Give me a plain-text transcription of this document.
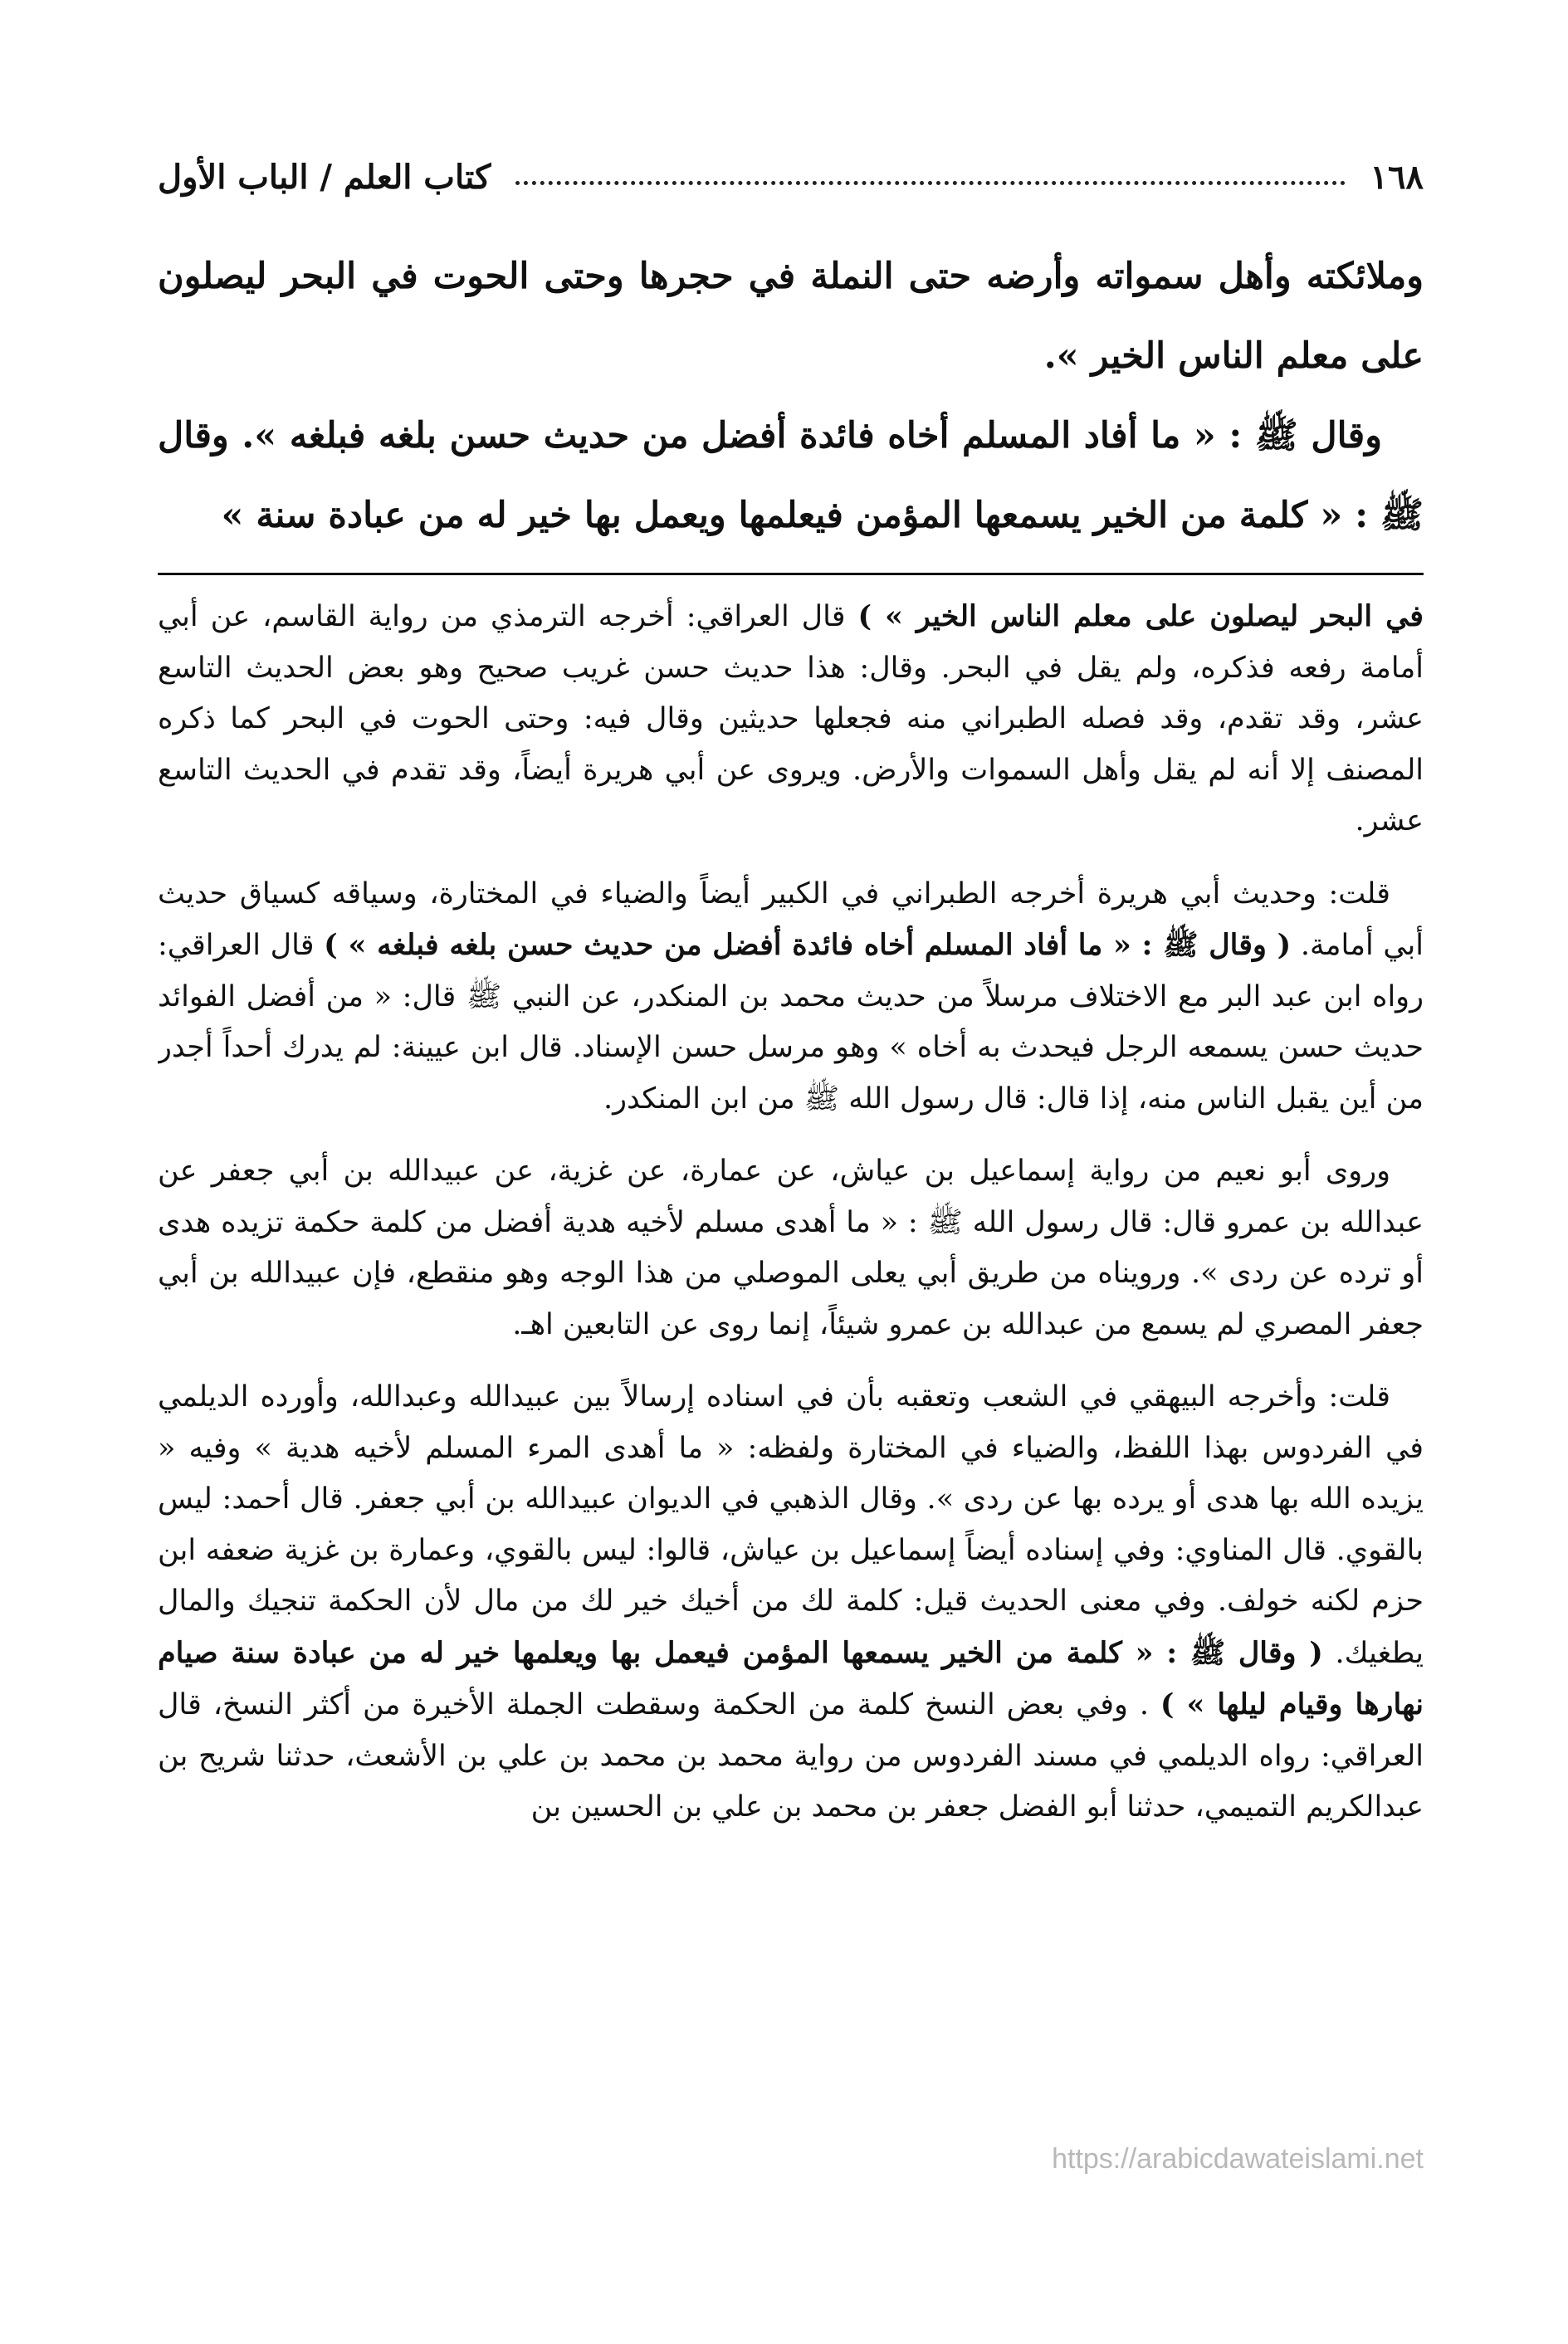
١٦٨
كتاب العلم / الباب الأول

وملائكته وأهل سمواته وأرضه حتى النملة في حجرها وحتى الحوت في البحر ليصلون على معلم الناس الخير ».

وقال ﷺ : « ما أفاد المسلم أخاه فائدة أفضل من حديث حسن بلغه فبلغه ». وقال ﷺ : « كلمة من الخير يسمعها المؤمن فيعلمها ويعمل بها خير له من عبادة سنة »

في البحر ليصلون على معلم الناس الخير » ) قال العراقي: أخرجه الترمذي من رواية القاسم، عن أبي أمامة رفعه فذكره، ولم يقل في البحر. وقال: هذا حديث حسن غريب صحيح وهو بعض الحديث التاسع عشر، وقد تقدم، وقد فصله الطبراني منه فجعلها حديثين وقال فيه: وحتى الحوت في البحر كما ذكره المصنف إلا أنه لم يقل وأهل السموات والأرض. ويروى عن أبي هريرة أيضاً، وقد تقدم في الحديث التاسع عشر.

قلت: وحديث أبي هريرة أخرجه الطبراني في الكبير أيضاً والضياء في المختارة، وسياقه كسياق حديث أبي أمامة. ( وقال ﷺ : « ما أفاد المسلم أخاه فائدة أفضل من حديث حسن بلغه فبلغه » ) قال العراقي: رواه ابن عبد البر مع الاختلاف مرسلاً من حديث محمد بن المنكدر، عن النبي ﷺ قال: « من أفضل الفوائد حديث حسن يسمعه الرجل فيحدث به أخاه » وهو مرسل حسن الإسناد. قال ابن عيينة: لم يدرك أحداً أجدر من أين يقبل الناس منه، إذا قال: قال رسول الله ﷺ من ابن المنكدر.

وروى أبو نعيم من رواية إسماعيل بن عياش، عن عمارة، عن غزية، عن عبيدالله بن أبي جعفر عن عبدالله بن عمرو قال: قال رسول الله ﷺ : « ما أهدى مسلم لأخيه هدية أفضل من كلمة حكمة تزيده هدى أو ترده عن ردى ». ورويناه من طريق أبي يعلى الموصلي من هذا الوجه وهو منقطع، فإن عبيدالله بن أبي جعفر المصري لم يسمع من عبدالله بن عمرو شيئاً، إنما روى عن التابعين اهـ.

قلت: وأخرجه البيهقي في الشعب وتعقبه بأن في اسناده إرسالاً بين عبيدالله وعبدالله، وأورده الديلمي في الفردوس بهذا اللفظ، والضياء في المختارة ولفظه: « ما أهدى المرء المسلم لأخيه هدية » وفيه « يزيده الله بها هدى أو يرده بها عن ردى ». وقال الذهبي في الديوان عبيدالله بن أبي جعفر. قال أحمد: ليس بالقوي. قال المناوي: وفي إسناده أيضاً إسماعيل بن عياش، قالوا: ليس بالقوي، وعمارة بن غزية ضعفه ابن حزم لكنه خولف. وفي معنى الحديث قيل: كلمة لك من أخيك خير لك من مال لأن الحكمة تنجيك والمال يطغيك. ( وقال ﷺ : « كلمة من الخير يسمعها المؤمن فيعمل بها ويعلمها خير له من عبادة سنة صيام نهارها وقيام ليلها » ) . وفي بعض النسخ كلمة من الحكمة وسقطت الجملة الأخيرة من أكثر النسخ، قال العراقي: رواه الديلمي في مسند الفردوس من رواية محمد بن محمد بن علي بن الأشعث، حدثنا شريح بن عبدالكريم التميمي، حدثنا أبو الفضل جعفر بن محمد بن علي بن الحسين بن

https://arabicdawateislami.net
